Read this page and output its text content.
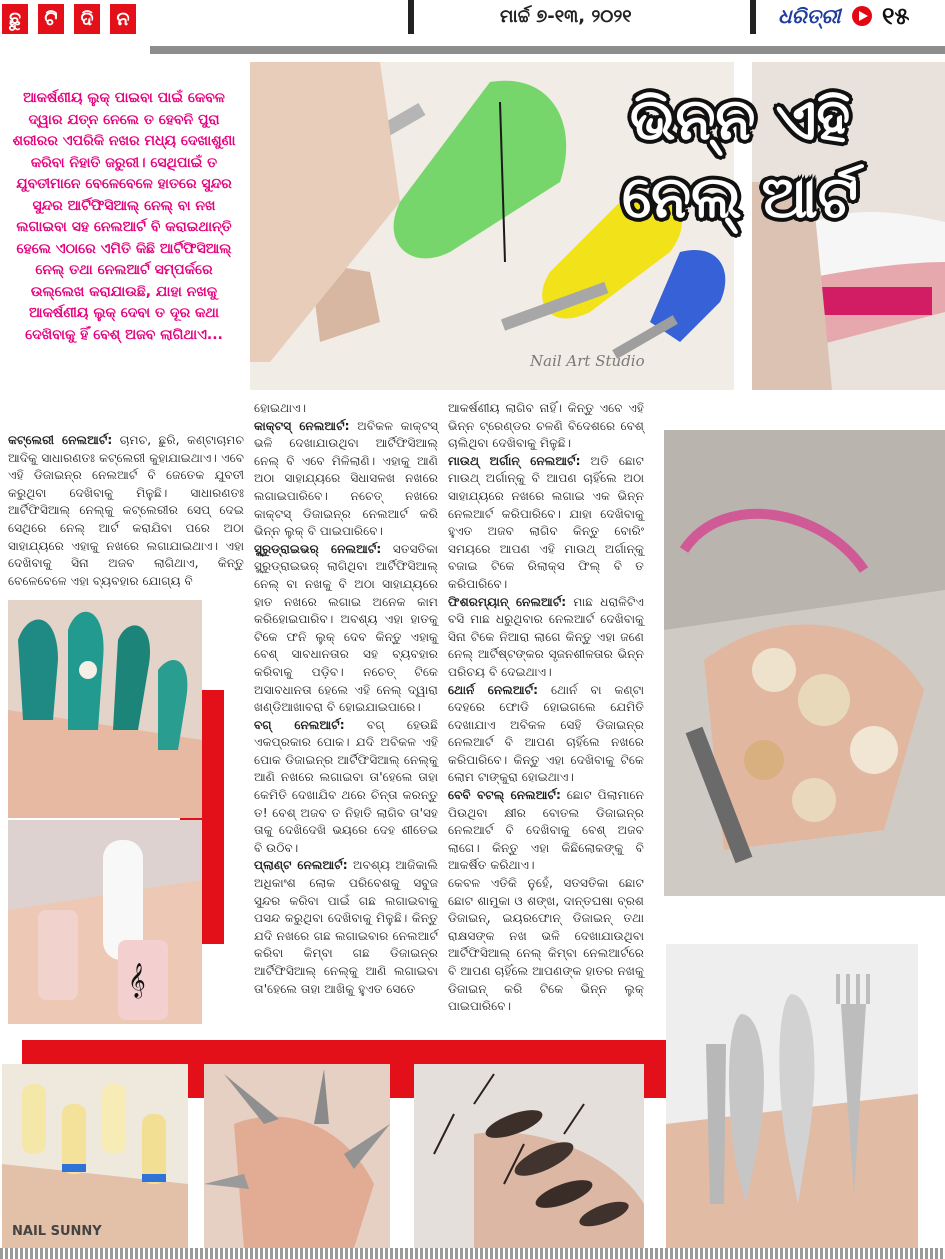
ଛୁ	ଟି	ଦି	ନ	ମାର୍ଚ୍ଚ ୭-୧୩, ୨୦୨୧	ଧରିତ୍ରୀ ୧୫
Nail Art Studio
ଭିନ୍ନ ଏହି
ନେଲ୍ ଆର୍ଟ
ଆକର୍ଷଣୀୟ ଲୁକ୍ ପାଇବା ପାଇଁ କେବଳ ଦ୍ୱାର ଯତ୍ନ ନେଲେ ତ ହେବନି ପୁରା ଶରୀରର ଏପରିକି ନଖର ମଧ୍ୟ ଦେଖାଶୁଣା କରିବା ନିହାତି ଜରୁରୀ। ସେଥିପାଇଁ ତ ଯୁବତୀମାନେ ବେଳେବେଳେ ହାତରେ ସୁନ୍ଦର ସୁନ୍ଦର ଆର୍ଟିଫିସିଆଲ୍ ନେଲ୍ ବା ନଖ ଲଗାଇବା ସହ ନେଲଆର୍ଟ ବି କରାଇଥାନ୍ତି ହେଲେ ଏଠାରେ ଏମିତି କିଛି ଆର୍ଟିଫିସିଆଲ୍ ନେଲ୍ ତଥା ନେଲଆର୍ଟ ସମ୍ପର୍କରେ ଉଲ୍ଲେଖ କରାଯାଉଛି, ଯାହା ନଖକୁ ଆକର୍ଷଣୀୟ ଲୁକ୍ ଦେବା ତ ଦୂର କଥା ଦେଖିବାକୁ ହିଁ ବେଶ୍ ଅଜବ ଲାଗିଥାଏ...

କଟ୍ଲେରୀ ନେଲଆର୍ଟ: ଚାମଚ, ଛୁରି, କଣ୍ଟାଚାମଚ ଆଦିକୁ ସାଧାରଣତଃ କଟ୍ଲେରୀ କୁହାଯାଇଥାଏ। ଏବେ ଏହି ଡିଜାଇନ୍‌ର ନେଲଆର୍ଟ ବି ଜେତେକ ଯୁବତୀ କରୁଥିବା ଦେଖିବାକୁ ମିଳୁଛି। ସାଧାରଣତଃ ଆର୍ଟିଫିସିଆଲ୍ ନେଲ୍‌କୁ କଟ୍ଲେରୀର ସେପ୍ ଦେଇ ସେଥିରେ ନେଲ୍ ଆର୍ଟ କରାଯିବା ପରେ ଅଠା ସାହାଯ୍ୟରେ ଏହାକୁ ନଖରେ ଲଗାଯାଇଥାଏ। ଏହା ଦେଖିବାକୁ ସିନା ଅଜବ ଲାଗିଥାଏ, କିନ୍ତୁ ବେଳେବେଳେ ଏହା ବ୍ୟବହାର ଯୋଗ୍ୟ ବି

ହୋଇଥାଏ।

କାକ୍ଟସ୍ ନେଲଆର୍ଟ: ଅବିକଳ କାକ୍ଟସ୍ ଭଳି ଦେଖାଯାଉଥିବା ଆର୍ଟିଫିସିଆଲ୍ ନେଲ୍ ବି ଏବେ ମିଳିଲାଣି। ଏହାକୁ ଆଣି ଅଠା ସାହାଯ୍ୟରେ ସିଧାସଳଖ ନଖରେ ଲଗାଇପାରିବେ। ନଚେତ୍ ନଖରେ କାକ୍ଟସ୍ ଡିଜାଇନ୍‌ର ନେଲଆର୍ଟ କରି ଭିନ୍ନ ଲୁକ୍ ବି ପାଇପାରିବେ।

ସ୍କ୍ରୁଡ୍ରାଇଭର୍ ନେଲଆର୍ଟ: ସତସତିକା ସ୍କ୍ରୁଡ୍ରାଇଭର୍ ଲାଗିଥିବା ଆର୍ଟିଫିସିଆଲ୍ ନେଲ୍ ବା ନଖକୁ ବି ଅଠା ସାହାଯ୍ୟରେ ହାତ ନଖରେ ଲଗାଇ ଅନେକ କାମ କରିହୋଇପାରିବ। ଅବଶ୍ୟ ଏହା ହାତକୁ ଟିକେ ଫନି ଲୁକ୍ ଦେବ କିନ୍ତୁ ଏହାକୁ ବେଶ୍ ସାବଧାନତାର ସହ ବ୍ୟବହାର କରିବାକୁ ପଡ଼ିବ। ନଚେତ୍ ଟିକେ ଅସାବଧାନତା ହେଲେ ଏହି ନେଲ୍ ଦ୍ୱାରା ଖଣ୍ଡିଆଖାବରା ବି ହୋଇଯାଇପାରେ।

ବଗ୍ ନେଲଆର୍ଟ: ବଗ୍ ହେଉଛି ଏକପ୍ରକାର ପୋକ। ଯଦି ଅବିକଳ ଏହି ପୋକ ଡିଜାଇନ୍‌ର ଆର୍ଟିଫିସିଆଲ୍ ନେଲ୍‌କୁ ଆଣି ନଖରେ ଲଗାଇବା ତା'ହେଲେ ତାହା କେମିତି ଦେଖାଯିବ ଥରେ ଚିନ୍ତା କରନ୍ତୁ ତ! ବେଶ୍ ଅଜବ ତ ନିହାତି ଲାଗିବ ତା'ସହ ତାକୁ ଦେଖିଦେଖି ଭୟରେ ଦେହ ଶୀତେଇ ବି ଉଠିବ।

ପ୍ଲାଣ୍ଟ ନେଲଆର୍ଟ: ଅବଶ୍ୟ ଆଜିକାଲି ଅଧିକାଂଶ ଲୋକ ପରିବେଶକୁ ସବୁଜ ସୁନ୍ଦର କରିବା ପାଇଁ ଗଛ ଲଗାଇବାକୁ ପସନ୍ଦ କରୁଥିବା ଦେଖିବାକୁ ମିଳୁଛି। କିନ୍ତୁ ଯଦି ନଖରେ ଗଛ ଲଗାଇବାର ନେଲଆର୍ଟ କରିବା କିମ୍ବା ଗଛ ଡିଜାଇନ୍‌ର ଆର୍ଟିଫିସିଆଲ୍ ନେଲ୍‌କୁ ଆଣି ଲଗାଇବା ତା'ହେଲେ ତାହା ଆଖିକୁ ହୁଏତ ସେତେ

ଆକର୍ଷଣୀୟ ଲାଗିବ ନାହିଁ। କିନ୍ତୁ ଏବେ ଏହି ଭିନ୍ନ ଟ୍ରେଣ୍ଡର ଚଳଣି ବିଦେଶରେ ବେଶ୍ ଚାଲିଥିବା ଦେଖିବାକୁ ମିଳୁଛି।

ମାଉଥ୍ ଅର୍ଗାନ୍ ନେଲଆର୍ଟ: ଅତି ଛୋଟ ମାଉଥ୍ ଅର୍ଗାନ୍‌କୁ ବି ଆପଣ ଚାହିଁଲେ ଅଠା ସାହାଯ୍ୟରେ ନଖରେ ଲଗାଇ ଏକ ଭିନ୍ନ ନେଲଆର୍ଟ କରିପାରିବେ। ଯାହା ଦେଖିବାକୁ ହୁଏତ ଅଜବ ଲାଗିବ କିନ୍ତୁ ବୋରିଂ ସମୟରେ ଆପଣ ଏହି ମାଉଥ୍ ଅର୍ଗାନ୍‌କୁ ବଜାଇ ଟିକେ ରିଲାକ୍ସ ଫିଲ୍ ବି ତ କରିପାରିବେ।

ଫିଶରମ୍ୟାନ୍ ନେଲଆର୍ଟ: ମାଛ ଧରାଳିଟିଏ ବସି ମାଛ ଧରୁଥିବାର ନେଲଆର୍ଟ ଦେଖିବାକୁ ସିନା ଟିକେ ନିଆରା ଲାଗେ କିନ୍ତୁ ଏହା ଜଣେ ନେଲ୍ ଆର୍ଟିଷ୍ଟଙ୍କର ସୃଜନଶୀଳତାର ଭିନ୍ନ ପରିଚୟ ବି ଦେଇଥାଏ।

ଥୋର୍ନ ନେଲଆର୍ଟ: ଥୋର୍ନ ବା କଣ୍ଟା ଦେହରେ ଫୋଡି ହୋଇଗଲେ ଯେମିତି ଦେଖାଯାଏ ଅବିକଳ ସେହି ଡିଜାଇନ୍‌ର ନେଲଆର୍ଟ ବି ଆପଣ ଚାହିଁଲେ ନଖରେ କରିପାରିବେ। କିନ୍ତୁ ଏହା ଦେଖିବାକୁ ଟିକେ ଲୋମ ଟାଙ୍କୁରା ହୋଇଥାଏ।

ବେବି ବଟଲ୍ ନେଲଆର୍ଟ: ଛୋଟ ପିଲାମାନେ ପିଉଥିବା କ୍ଷୀର ବୋତଲ ଡିଜାଇନ୍‌ର ନେଲଆର୍ଟ ବି ଦେଖିବାକୁ ବେଶ୍ ଅଜବ ଲାଗେ। କିନ୍ତୁ ଏହା କିଛିଲୋକଙ୍କୁ ବି ଆକର୍ଷିତ କରିଥାଏ।

କେବଳ ଏତିକି ନୁହେଁ, ସତସତିକା ଛୋଟ ଛୋଟ ଶାମୁକା ଓ ଶଙ୍ଖ, ଦାନ୍ତଘଷା ବ୍ରଶ ଡିଜାଇନ୍, ଇୟରଫୋନ୍ ଡିଜାଇନ୍ ତଥା ରାକ୍ଷସଙ୍କ ନଖ ଭଳି ଦେଖାଯାଉଥିବା ଆର୍ଟିଫିସିଆଲ୍ ନେଲ୍ କିମ୍ବା ନେଲଆର୍ଟରେ ବି ଆପଣ ଚାହିଁଲେ ଆପଣଙ୍କ ହାତର ନଖକୁ ଡିଜାଇନ୍ କରି ଟିକେ ଭିନ୍ନ ଲୁକ୍ ପାଇପାରିବେ।

𝄞
NAIL SUNNY
